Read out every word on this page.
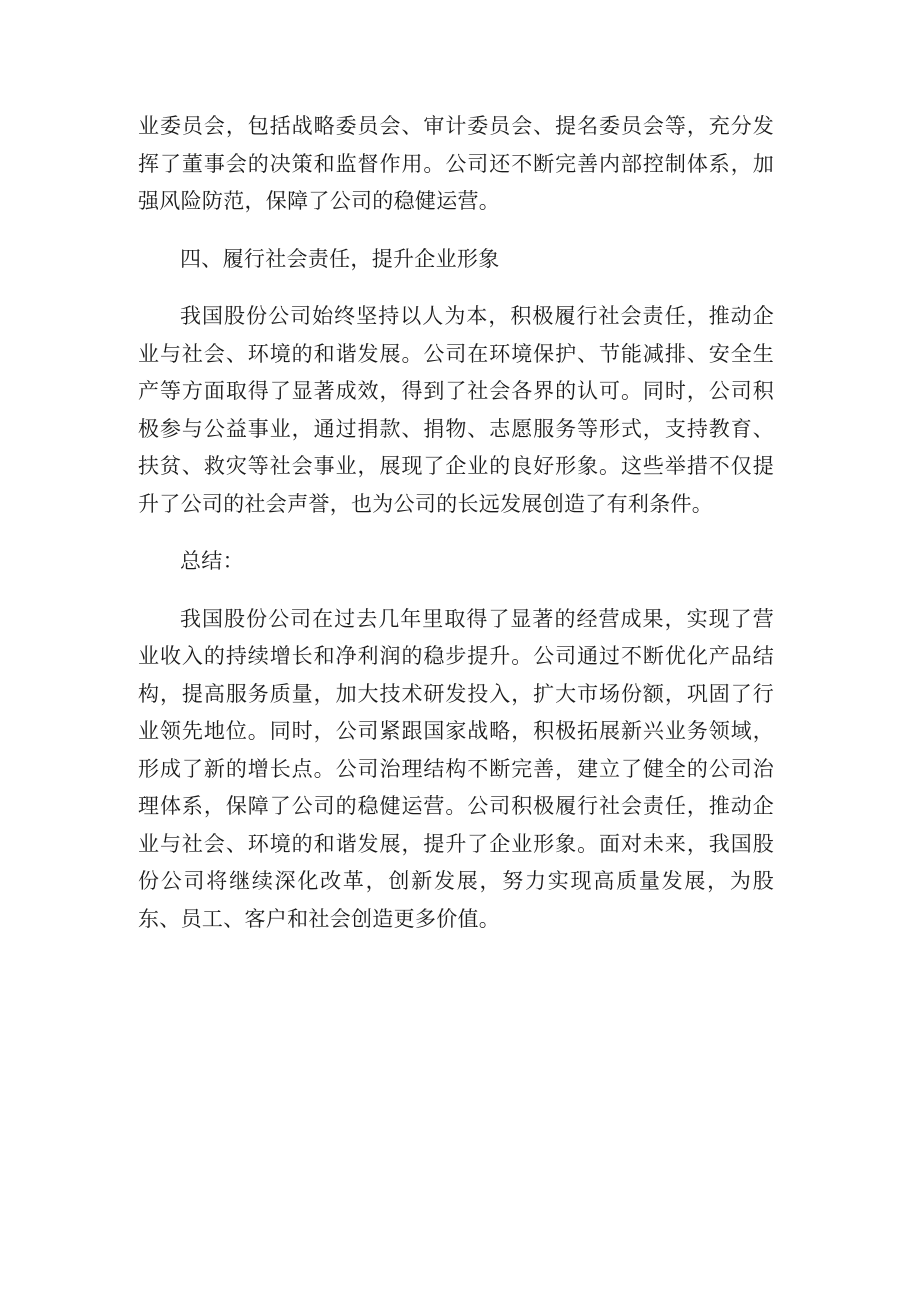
业委员会，包括战略委员会、审计委员会、提名委员会等，充分发挥了董事会的决策和监督作用。公司还不断完善内部控制体系，加强风险防范，保障了公司的稳健运营。

四、履行社会责任，提升企业形象

我国股份公司始终坚持以人为本，积极履行社会责任，推动企业与社会、环境的和谐发展。公司在环境保护、节能减排、安全生产等方面取得了显著成效，得到了社会各界的认可。同时，公司积极参与公益事业，通过捐款、捐物、志愿服务等形式，支持教育、扶贫、救灾等社会事业，展现了企业的良好形象。这些举措不仅提升了公司的社会声誉，也为公司的长远发展创造了有利条件。

总结：

我国股份公司在过去几年里取得了显著的经营成果，实现了营业收入的持续增长和净利润的稳步提升。公司通过不断优化产品结构，提高服务质量，加大技术研发投入，扩大市场份额，巩固了行业领先地位。同时，公司紧跟国家战略，积极拓展新兴业务领域，形成了新的增长点。公司治理结构不断完善，建立了健全的公司治理体系，保障了公司的稳健运营。公司积极履行社会责任，推动企业与社会、环境的和谐发展，提升了企业形象。面对未来，我国股份公司将继续深化改革，创新发展，努力实现高质量发展，为股东、员工、客户和社会创造更多价值。
